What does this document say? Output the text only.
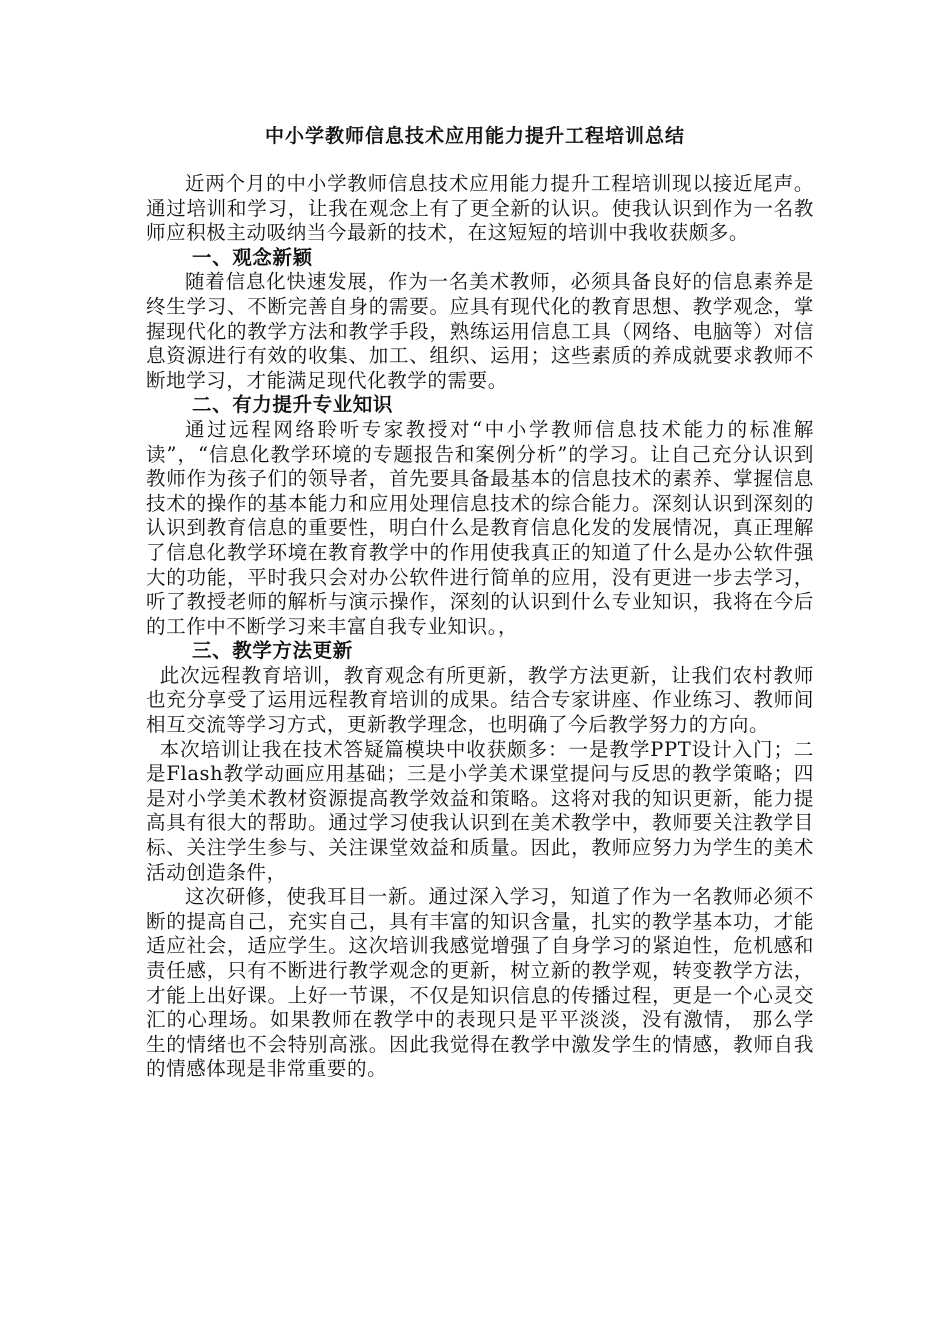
中小学教师信息技术应用能力提升工程培训总结

近两个月的中小学教师信息技术应用能力提升工程培训现以接近尾声。通过培训和学习，让我在观念上有了更全新的认识。使我认识到作为一名教师应积极主动吸纳当今最新的技术，在这短短的培训中我收获颇多。

一、观念新颖

随着信息化快速发展，作为一名美术教师，必须具备良好的信息素养是终生学习、不断完善自身的需要。应具有现代化的教育思想、教学观念，掌握现代化的教学方法和教学手段，熟练运用信息工具（网络、电脑等）对信息资源进行有效的收集、加工、组织、运用；这些素质的养成就要求教师不断地学习，才能满足现代化教学的需要。

二、有力提升专业知识

通过远程网络聆听专家教授对“中小学教师信息技术能力的标准解读”，“信息化教学环境的专题报告和案例分析”的学习。让自己充分认识到教师作为孩子们的领导者，首先要具备最基本的信息技术的素养、掌握信息技术的操作的基本能力和应用处理信息技术的综合能力。深刻认识到深刻的认识到教育信息的重要性，明白什么是教育信息化发的发展情况，真正理解了信息化教学环境在教育教学中的作用使我真正的知道了什么是办公软件强大的功能，平时我只会对办公软件进行简单的应用，没有更进一步去学习，听了教授老师的解析与演示操作，深刻的认识到什么专业知识，我将在今后的工作中不断学习来丰富自我专业知识。，

三、教学方法更新

此次远程教育培训，教育观念有所更新，教学方法更新，让我们农村教师也充分享受了运用远程教育培训的成果。结合专家讲座、作业练习、教师间相互交流等学习方式，更新教学理念，也明确了今后教学努力的方向。

本次培训让我在技术答疑篇模块中收获颇多：一是教学PPT设计入门；二是Flash教学动画应用基础；三是小学美术课堂提问与反思的教学策略；四是对小学美术教材资源提高教学效益和策略。这将对我的知识更新，能力提高具有很大的帮助。通过学习使我认识到在美术教学中，教师要关注教学目标、关注学生参与、关注课堂效益和质量。因此，教师应努力为学生的美术活动创造条件，

这次研修，使我耳目一新。通过深入学习，知道了作为一名教师必须不断的提高自己，充实自己，具有丰富的知识含量，扎实的教学基本功，才能适应社会，适应学生。这次培训我感觉增强了自身学习的紧迫性，危机感和责任感，只有不断进行教学观念的更新，树立新的教学观，转变教学方法，才能上出好课。上好一节课，不仅是知识信息的传播过程，更是一个心灵交汇的心理场。如果教师在教学中的表现只是平平淡淡，没有激情， 那么学生的情绪也不会特别高涨。因此我觉得在教学中激发学生的情感，教师自我的情感体现是非常重要的。
